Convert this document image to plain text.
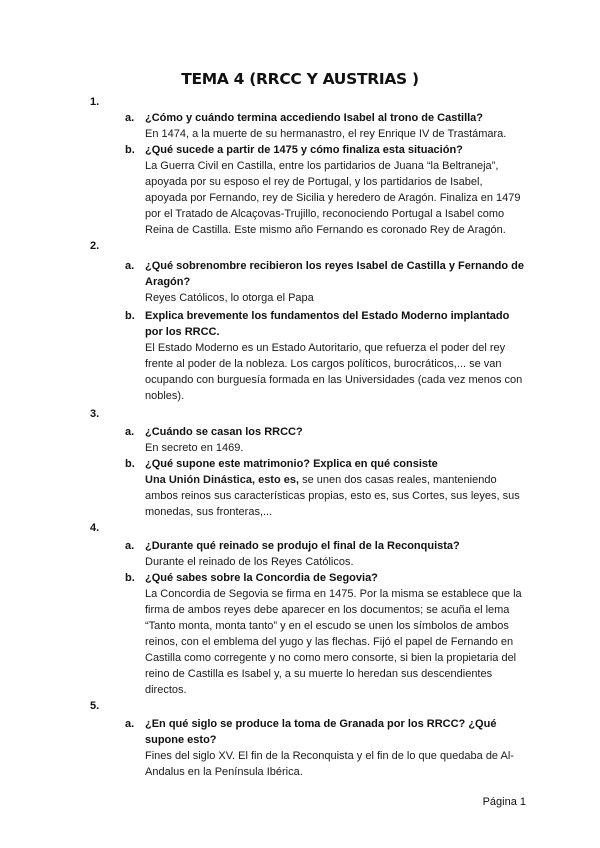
TEMA 4 (RRCC Y AUSTRIAS )
1.
a. ¿Cómo y cuándo termina accediendo Isabel al trono de Castilla?
En 1474, a la muerte de su hermanastro, el rey Enrique IV de Trastámara.
b. ¿Qué sucede a partir de 1475 y cómo finaliza esta situación?
La Guerra Civil en Castilla, entre los partidarios de Juana “la Beltraneja”, apoyada por su esposo el rey de Portugal, y los partidarios de Isabel, apoyada por Fernando, rey de Sicilia y heredero de Aragón. Finaliza en 1479 por el Tratado de Alcaçovas-Trujillo, reconociendo Portugal a Isabel como Reina de Castilla. Este mismo año Fernando es coronado Rey de Aragón.
2.
a. ¿Qué sobrenombre recibieron los reyes Isabel de Castilla y Fernando de Aragón?
Reyes Católicos, lo otorga el Papa
b. Explica brevemente los fundamentos del Estado Moderno implantado por los RRCC.
El Estado Moderno es un Estado Autoritario, que refuerza el poder del rey frente al poder de la nobleza. Los cargos políticos, burocráticos,... se van ocupando con burguesía formada en las Universidades (cada vez menos con nobles).
3.
a. ¿Cuándo se casan los RRCC?
En secreto en 1469.
b. ¿Qué supone este matrimonio? Explica en qué consiste
Una Unión Dinástica, esto es, se unen dos casas reales, manteniendo ambos reinos sus características propias, esto es, sus Cortes, sus leyes, sus monedas, sus fronteras,...
4.
a. ¿Durante qué reinado se produjo el final de la Reconquista?
Durante el reinado de los Reyes Católicos.
b. ¿Qué sabes sobre la Concordia de Segovia?
La Concordia de Segovia se firma en 1475. Por la misma se establece que la firma de ambos reyes debe aparecer en los documentos; se acuña el lema “Tanto monta, monta tanto” y en el escudo se unen los símbolos de ambos reinos, con el emblema del yugo y las flechas. Fijó el papel de Fernando en Castilla como corregente y no como mero consorte, si bien la propietaria del reino de Castilla es Isabel y, a su muerte lo heredan sus descendientes directos.
5.
a. ¿En qué siglo se produce la toma de Granada por los RRCC? ¿Qué supone esto?
Fines del siglo XV. El fin de la Reconquista y el fin de lo que quedaba de Al-Andalus en la Península Ibérica.
Página 1
